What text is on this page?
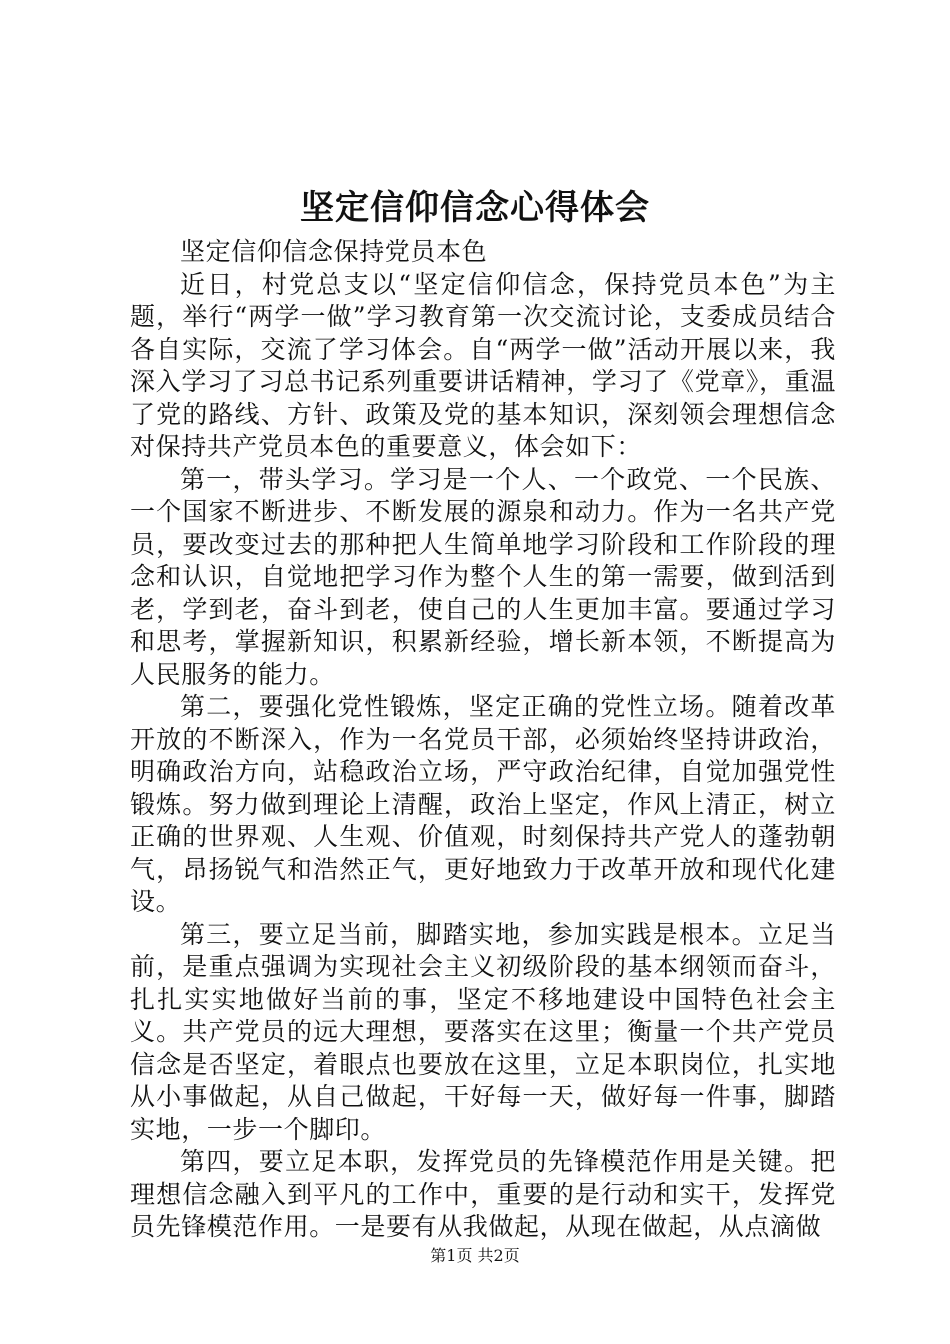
坚定信仰信念心得体会

坚定信仰信念保持党员本色

近日，村党总支以“坚定信仰信念，保持党员本色”为主题，举行“两学一做”学习教育第一次交流讨论，支委成员结合各自实际，交流了学习体会。自“两学一做”活动开展以来，我深入学习了习总书记系列重要讲话精神，学习了《党章》，重温了党的路线、方针、政策及党的基本知识，深刻领会理想信念对保持共产党员本色的重要意义，体会如下：

第一，带头学习。学习是一个人、一个政党、一个民族、一个国家不断进步、不断发展的源泉和动力。作为一名共产党员，要改变过去的那种把人生简单地学习阶段和工作阶段的理念和认识，自觉地把学习作为整个人生的第一需要，做到活到老，学到老，奋斗到老，使自己的人生更加丰富。要通过学习和思考，掌握新知识，积累新经验，增长新本领，不断提高为人民服务的能力。

第二，要强化党性锻炼，坚定正确的党性立场。随着改革开放的不断深入，作为一名党员干部，必须始终坚持讲政治，明确政治方向，站稳政治立场，严守政治纪律，自觉加强党性锻炼。努力做到理论上清醒，政治上坚定，作风上清正，树立正确的世界观、人生观、价值观，时刻保持共产党人的蓬勃朝气，昂扬锐气和浩然正气，更好地致力于改革开放和现代化建设。

第三，要立足当前，脚踏实地，参加实践是根本。立足当前，是重点强调为实现社会主义初级阶段的基本纲领而奋斗，扎扎实实地做好当前的事，坚定不移地建设中国特色社会主义。共产党员的远大理想，要落实在这里；衡量一个共产党员信念是否坚定，着眼点也要放在这里，立足本职岗位，扎实地从小事做起，从自己做起，干好每一天，做好每一件事，脚踏实地，一步一个脚印。

第四，要立足本职，发挥党员的先锋模范作用是关键。把理想信念融入到平凡的工作中，重要的是行动和实干，发挥党员先锋模范作用。一是要有从我做起，从现在做起，从点滴做

第1页 共2页
